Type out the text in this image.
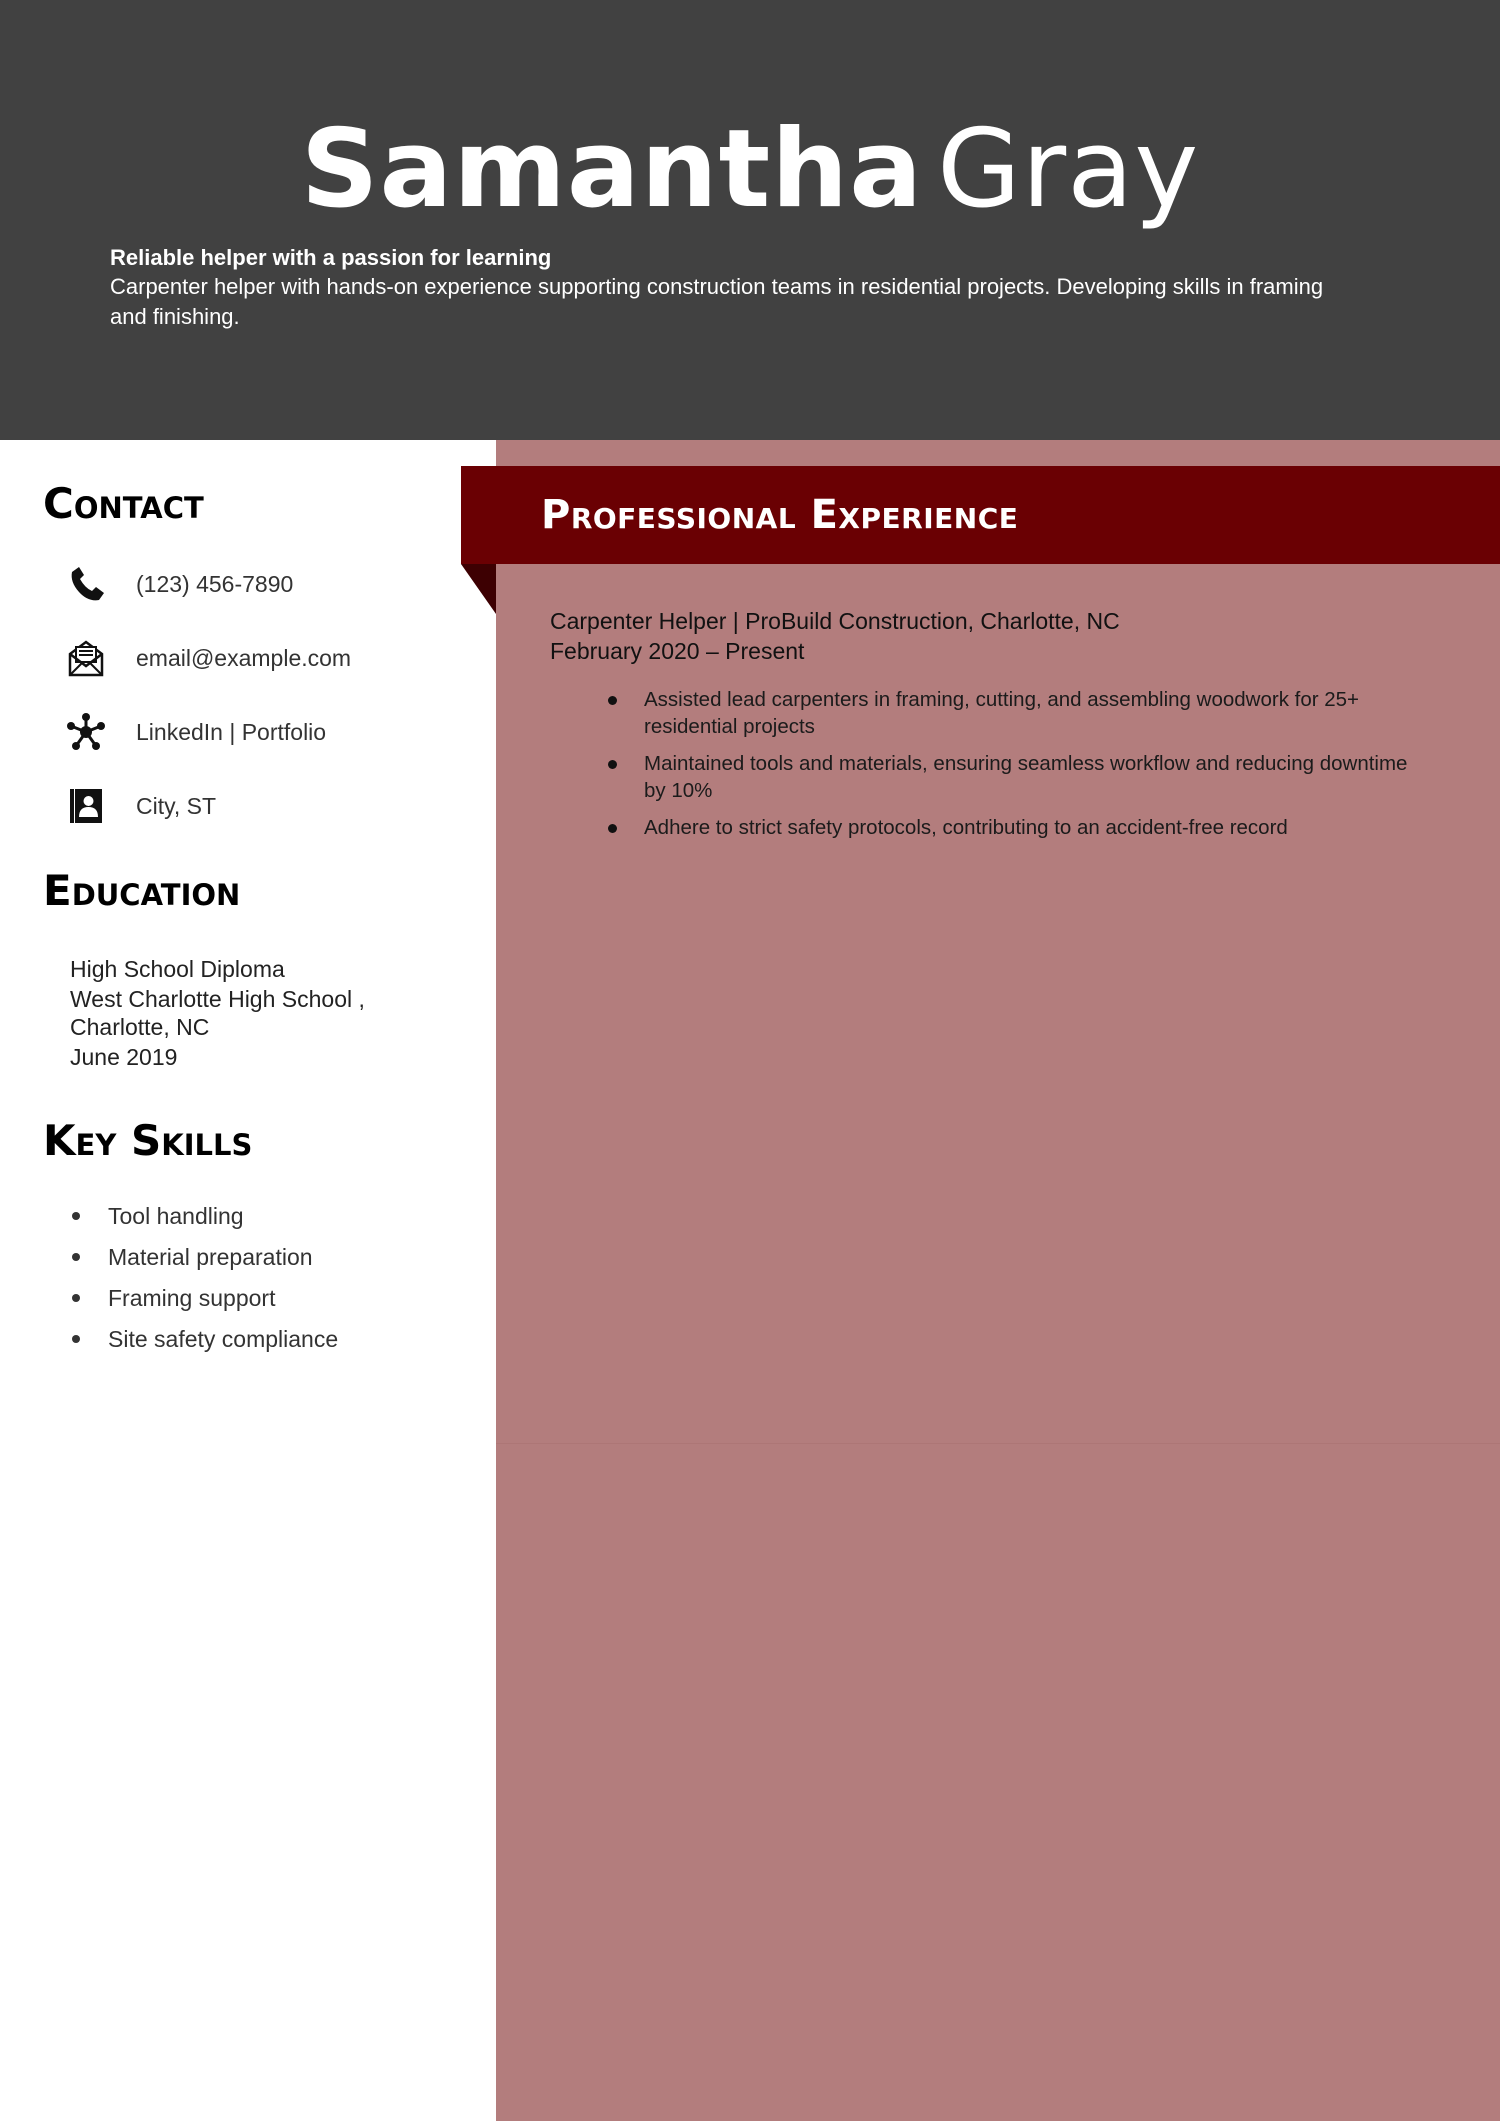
Samantha Gray
Reliable helper with a passion for learning
Carpenter helper with hands-on experience supporting construction teams in residential projects. Developing skills in framing and finishing.
Professional Experience
Carpenter Helper | ProBuild Construction, Charlotte, NC
February 2020 – Present
Assisted lead carpenters in framing, cutting, and assembling woodwork for 25+ residential projects
Maintained tools and materials, ensuring seamless workflow and reducing downtime by 10%
Adhere to strict safety protocols, contributing to an accident-free record
Contact
(123) 456-7890
email@example.com
LinkedIn | Portfolio
City, ST
Education
High School Diploma
West Charlotte High School ,
Charlotte, NC
June 2019
Key Skills
Tool handling
Material preparation
Framing support
Site safety compliance
